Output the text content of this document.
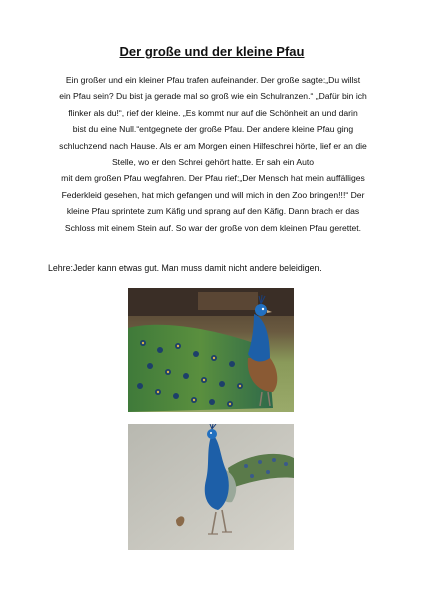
Der große und der kleine Pfau
Ein großer und ein kleiner Pfau trafen aufeinander. Der große sagte:„Du willst
ein Pfau sein? Du bist ja gerade mal so groß wie ein Schulranzen.“ „Dafür bin ich
flinker als du!“, rief der kleine. „Es kommt nur auf die Schönheit an und darin
bist du eine Null.“entgegnete der große Pfau. Der andere kleine Pfau ging
schluchzend nach Hause. Als er am Morgen einen Hilfeschrei hörte, lief er an die
Stelle, wo er den Schrei gehört hatte. Er sah ein Auto
mit dem großen Pfau wegfahren. Der Pfau rief:„Der Mensch hat mein auffälliges
Federkleid gesehen, hat mich gefangen und will mich in den Zoo bringen!!!“ Der
kleine Pfau sprintete zum Käfig und sprang auf den Käfig. Dann brach er das
Schloss mit einem Stein auf. So war der große von dem kleinen Pfau gerettet.
Lehre:Jeder kann etwas gut. Man muss damit nicht andere beleidigen.
